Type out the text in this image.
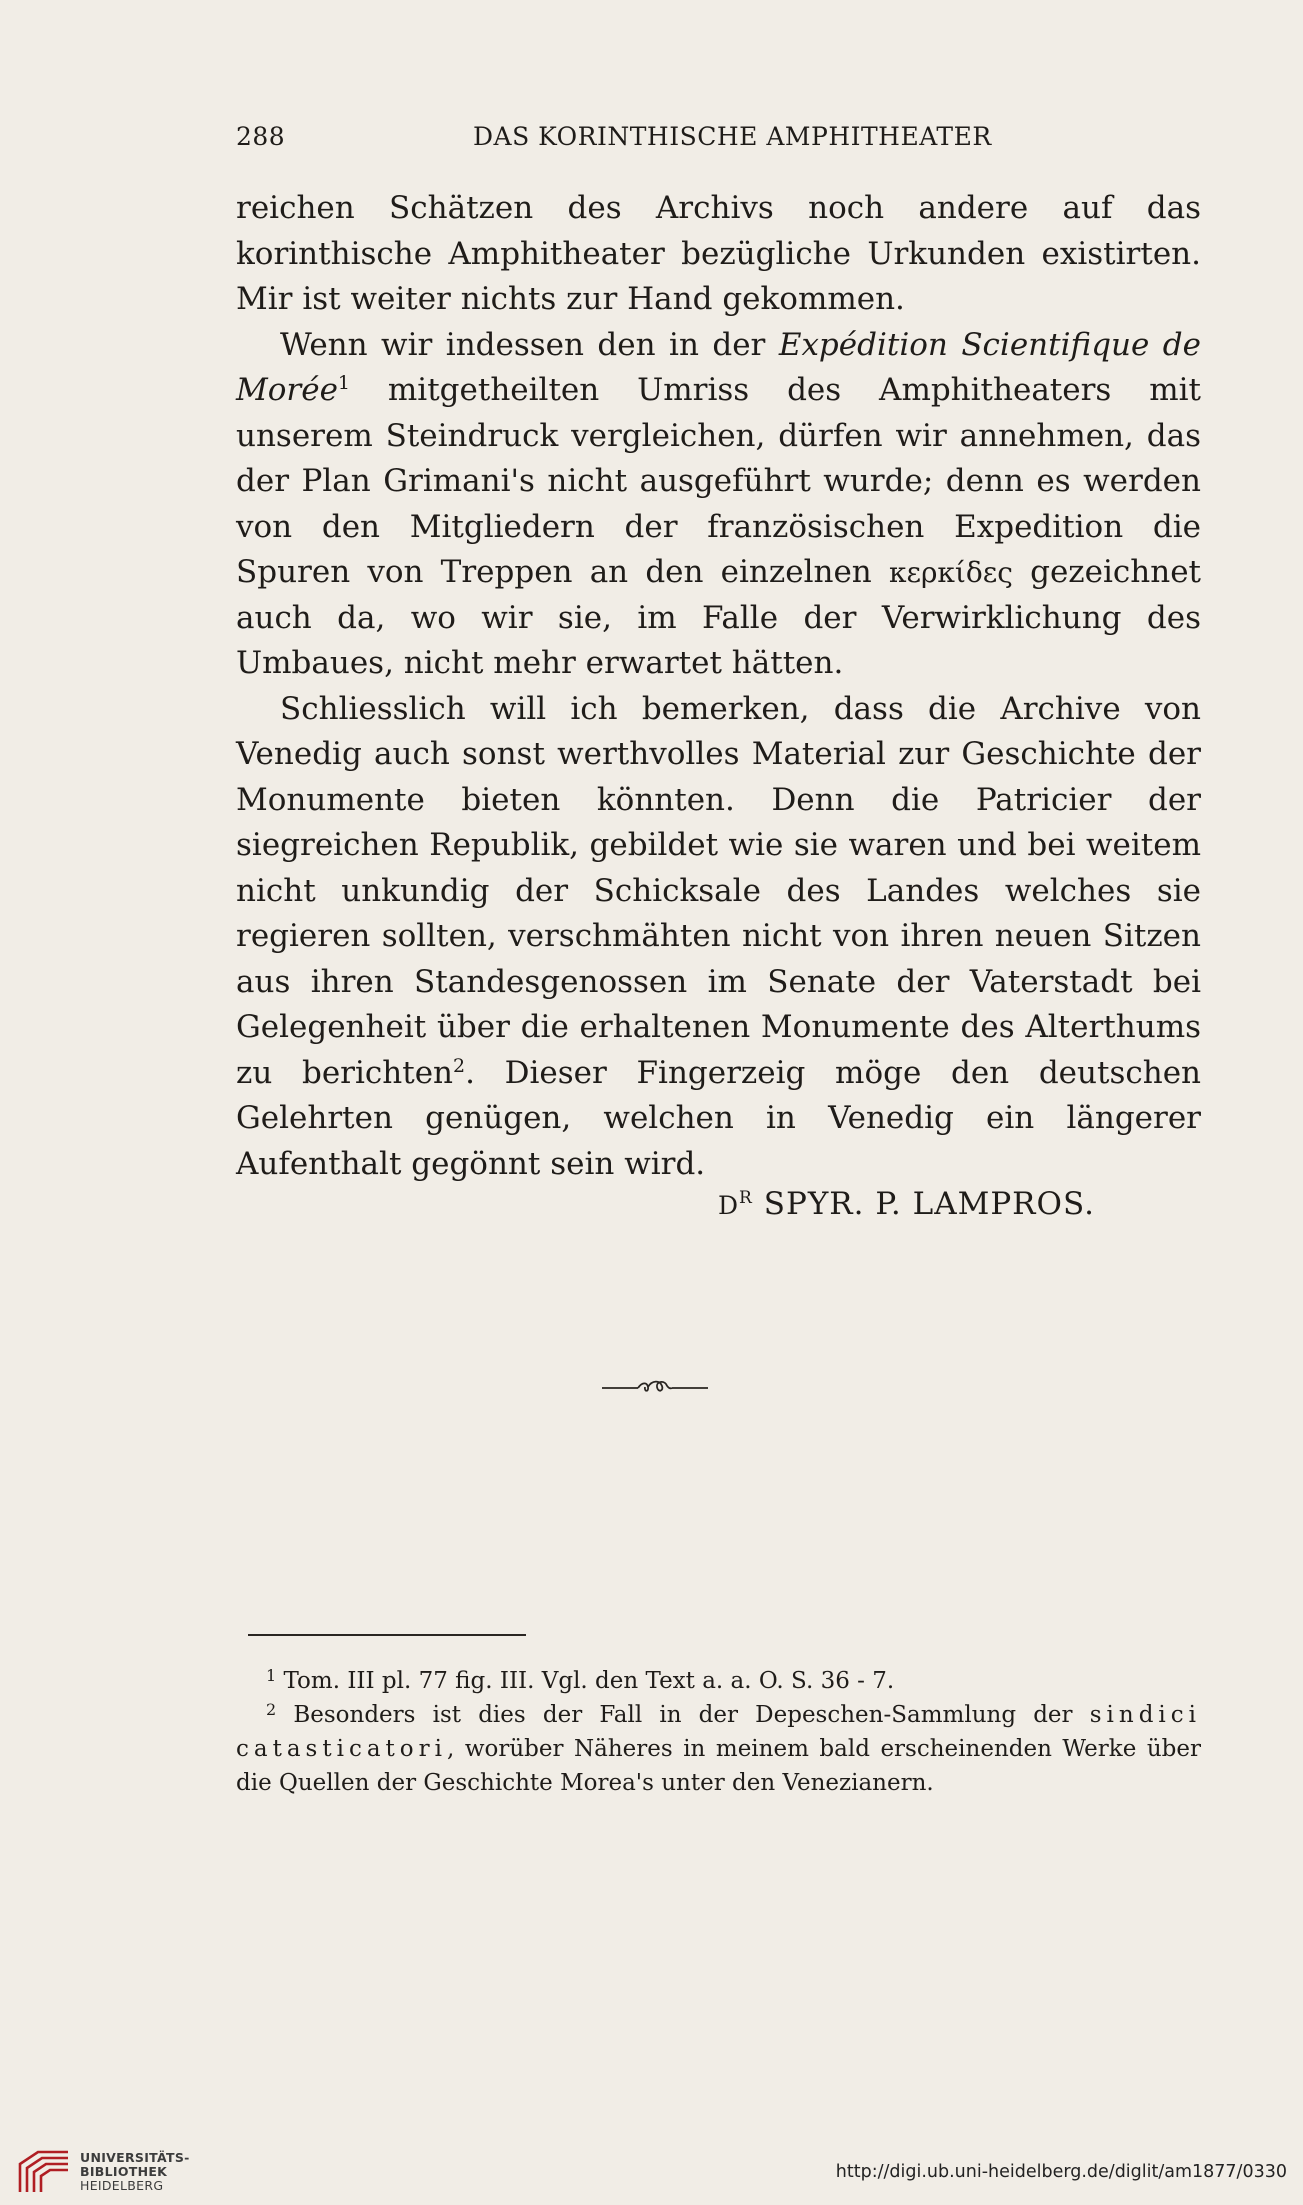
288	DAS KORINTHISCHE AMPHITHEATER

reichen Schätzen des Archivs noch andere auf das korinthische Amphitheater bezügliche Urkunden existirten. Mir ist weiter nichts zur Hand gekommen.

Wenn wir indessen den in der Expédition Scientifique de Morée$^1$ mitgetheilten Umriss des Amphitheaters mit unserem Steindruck vergleichen, dürfen wir annehmen, das der Plan Grimani's nicht ausgeführt wurde; denn es werden von den Mitgliedern der französischen Expedition die Spuren von Treppen an den einzelnen κερκίδες gezeichnet auch da, wo wir sie, im Falle der Verwirklichung des Umbaues, nicht mehr erwartet hätten.

Schliesslich will ich bemerken, dass die Archive von Venedig auch sonst werthvolles Material zur Geschichte der Monumente bieten könnten. Denn die Patricier der siegreichen Republik, gebildet wie sie waren und bei weitem nicht unkundig der Schicksale des Landes welches sie regieren sollten, verschmähten nicht von ihren neuen Sitzen aus ihren Standesgenossen im Senate der Vaterstadt bei Gelegenheit über die erhaltenen Monumente des Alterthums zu berichten$^2$. Dieser Fingerzeig möge den deutschen Gelehrten genügen, welchen in Venedig ein längerer Aufenthalt gegönnt sein wird.

$D^R$ SPYR. P. LAMPROS.

$^1$ Tom. III pl. 77 fig. III. Vgl. den Text a. a. O. S. 36 - 7.

$^2$ Besonders ist dies der Fall in der Depeschen-Sammlung der sindici catasticatori, worüber Näheres in meinem bald erscheinenden Werke über die Quellen der Geschichte Morea's unter den Venezianern.

UNIVERSITÄTS-
BIBLIOTHEK
HEIDELBERG
http://digi.ub.uni-heidelberg.de/diglit/am1877/0330
